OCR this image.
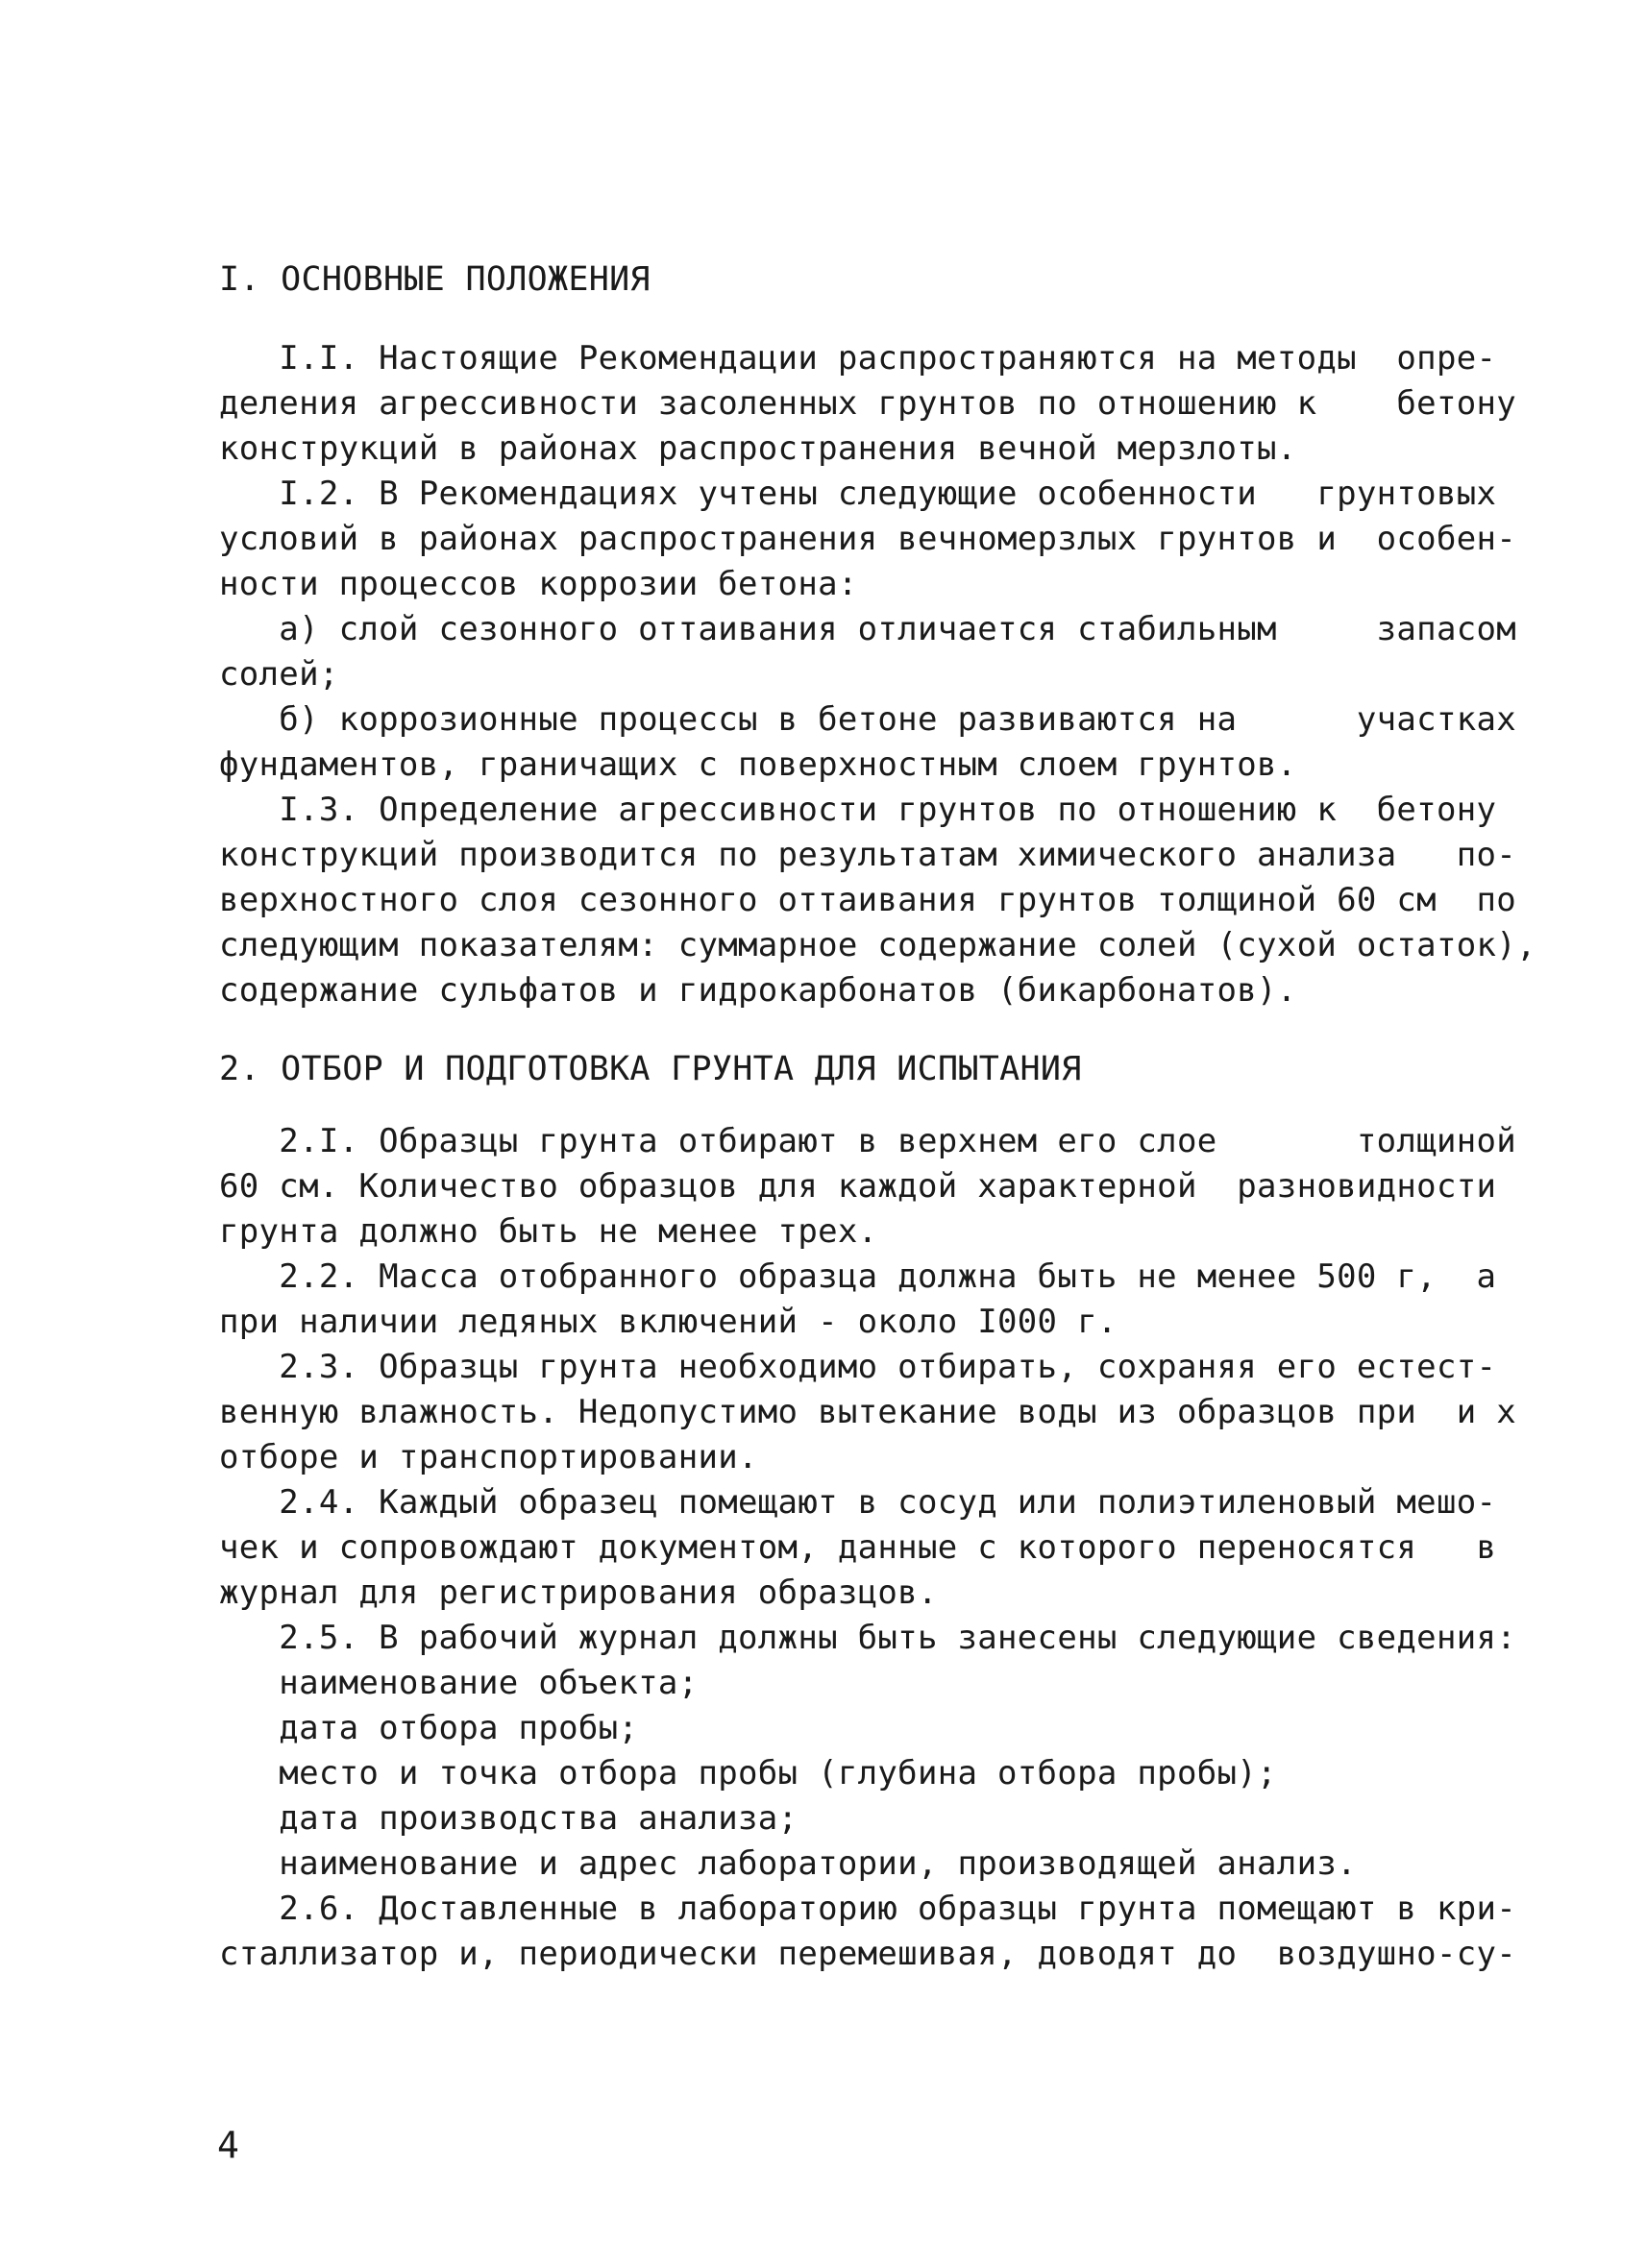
I. ОСНОВНЫЕ ПОЛОЖЕНИЯ
I.I. Настоящие Рекомендации распространяются на методы  опре-
деления агрессивности засоленных грунтов по отношению к    бетону
конструкций в районах распространения вечной мерзлоты.
I.2. В Рекомендациях учтены следующие особенности   грунтовых
условий в районах распространения вечномерзлых грунтов и  особен-
ности процессов коррозии бетона:
а) слой сезонного оттаивания отличается стабильным     запасом
солей;
б) коррозионные процессы в бетоне развиваются на      участках
фундаментов, граничащих с поверхностным слоем грунтов.
I.3. Определение агрессивности грунтов по отношению к  бетону
конструкций производится по результатам химического анализа   по-
верхностного слоя сезонного оттаивания грунтов толщиной 60 см  по
следующим показателям: суммарное содержание солей (сухой остаток),
содержание сульфатов и гидрокарбонатов (бикарбонатов).
2. ОТБОР И ПОДГОТОВКА ГРУНТА ДЛЯ ИСПЫТАНИЯ
2.I. Образцы грунта отбирают в верхнем его слое       толщиной
60 см. Количество образцов для каждой характерной  разновидности
грунта должно быть не менее трех.
2.2. Масса отобранного образца должна быть не менее 500 г,  а
при наличии ледяных включений - около I000 г.
2.3. Образцы грунта необходимо отбирать, сохраняя его естест-
венную влажность. Недопустимо вытекание воды из образцов при  и х
отборе и транспортировании.
2.4. Каждый образец помещают в сосуд или полиэтиленовый мешо-
чек и сопровождают документом, данные с которого переносятся   в
журнал для регистрирования образцов.
2.5. В рабочий журнал должны быть занесены следующие сведения:
наименование объекта;
дата отбора пробы;
место и точка отбора пробы (глубина отбора пробы);
дата производства анализа;
наименование и адрес лаборатории, производящей анализ.
2.6. Доставленные в лабораторию образцы грунта помещают в кри-
сталлизатор и, периодически перемешивая, доводят до  воздушно-су-
4
